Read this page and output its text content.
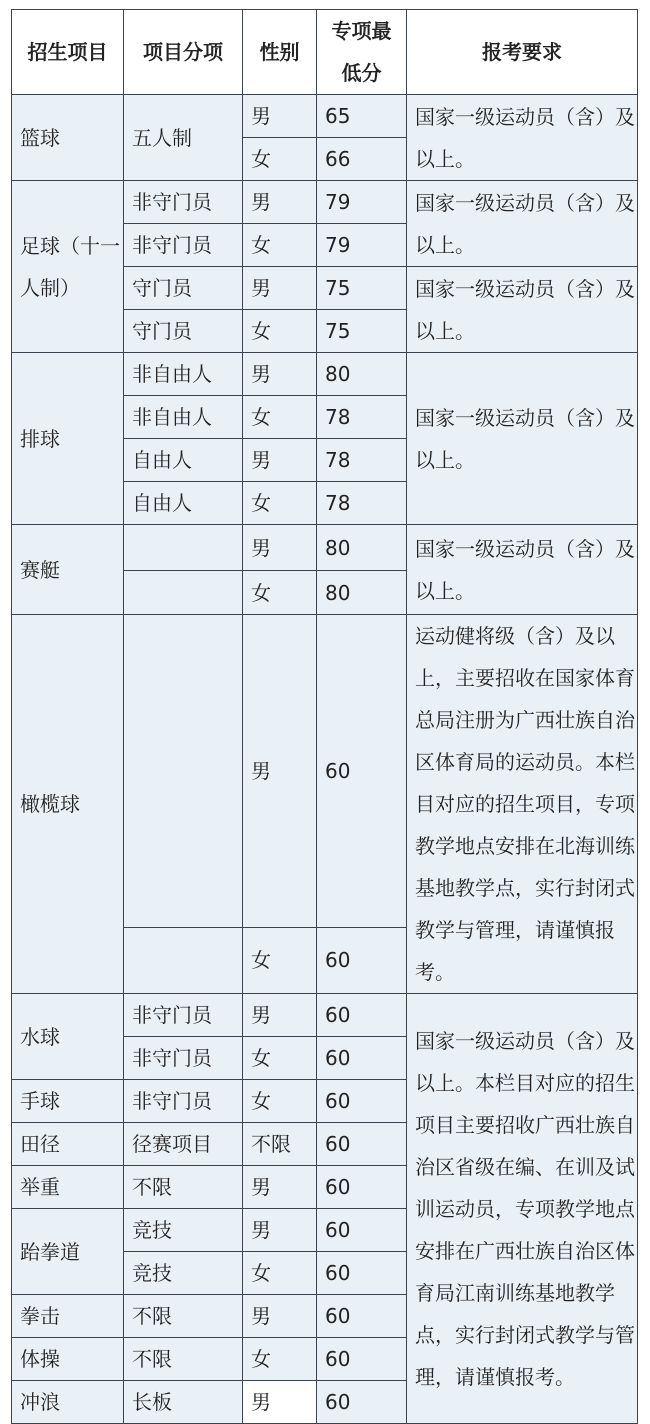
招生项目	项目分项	性别	专项最
低分	报考要求
篮球	五人制	男	65	国家一级运动员（含）及以上。
		女	66	
足球（十一人制）	非守门员	男	79	国家一级运动员（含）及以上。
	非守门员	女	79	
	守门员	男	75	国家一级运动员（含）及以上。
	守门员	女	75	
排球	非自由人	男	80	国家一级运动员（含）及以上。
	非自由人	女	78	
	自由人	男	78	
	自由人	女	78	
赛艇		男	80	国家一级运动员（含）及以上。
		女	80	
橄榄球		男	60	运动健将级（含）及以上，主要招收在国家体育总局注册为广西壮族自治区体育局的运动员。本栏目对应的招生项目，专项教学地点安排在北海训练基地教学点，实行封闭式教学与管理，请谨慎报考。
		女	60	
水球	非守门员	男	60	国家一级运动员（含）及以上。本栏目对应的招生项目主要招收广西壮族自治区省级在编、在训及试训运动员，专项教学地点安排在广西壮族自治区体育局江南训练基地教学点，实行封闭式教学与管理，请谨慎报考。
	非守门员	女	60	
手球	非守门员	女	60	
田径	径赛项目	不限	60	
举重	不限	男	60	
跆拳道	竞技	男	60	
	竞技	女	60	
拳击	不限	男	60	
体操	不限	女	60	
冲浪	长板	男	60	
